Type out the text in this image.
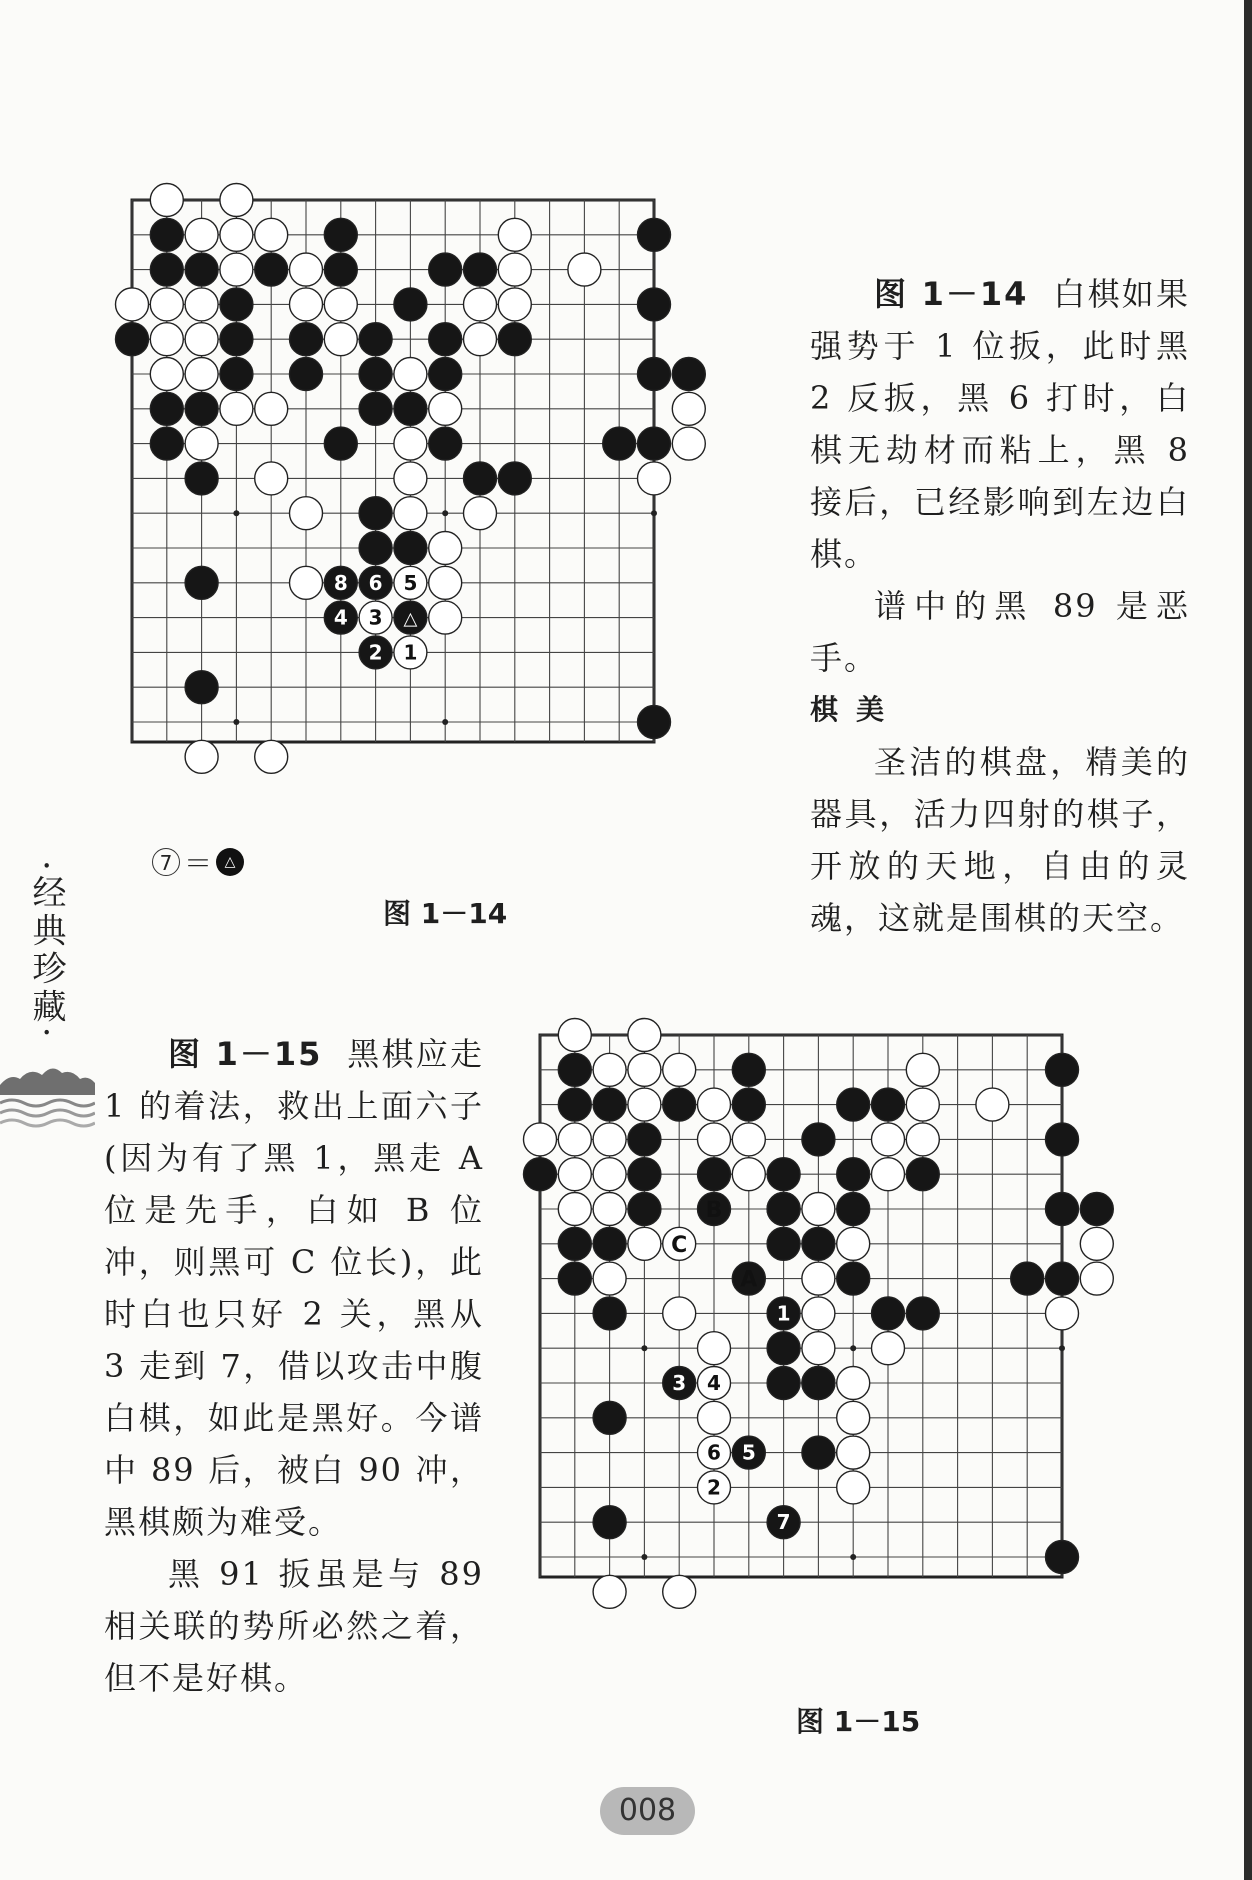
8 6 5
4 3 △
2 1

图 1－14 白棋如果强势于 1 位扳，此时黑 2 反扳，黑 6 打时，白棋无劫材而粘上，黑 8 接后，已经影响到左边白棋。

谱中的黑 89 是恶手。

棋美

圣洁的棋盘，精美的器具，活力四射的棋子，开放的天地，自由的灵魂，这就是围棋的天空。

7 ＝ △
图 1－14
·经典珍藏·

图 1－15 黑棋应走1 的着法，救出上面六子(因为有了黑 1，黑走 A 位是先手，白如 B 位冲，则黑可 C 位长)，此时白也只好 2 关，黑从 3 走到 7，借以攻击中腹白棋，如此是黑好。今谱中 89 后，被白 90 冲，黑棋颇为难受。

黑 91 扳虽是与 89 相关联的势所必然之着，但不是好棋。

1
3 4
6 5
2
7
B
C
A
图 1－15
008
